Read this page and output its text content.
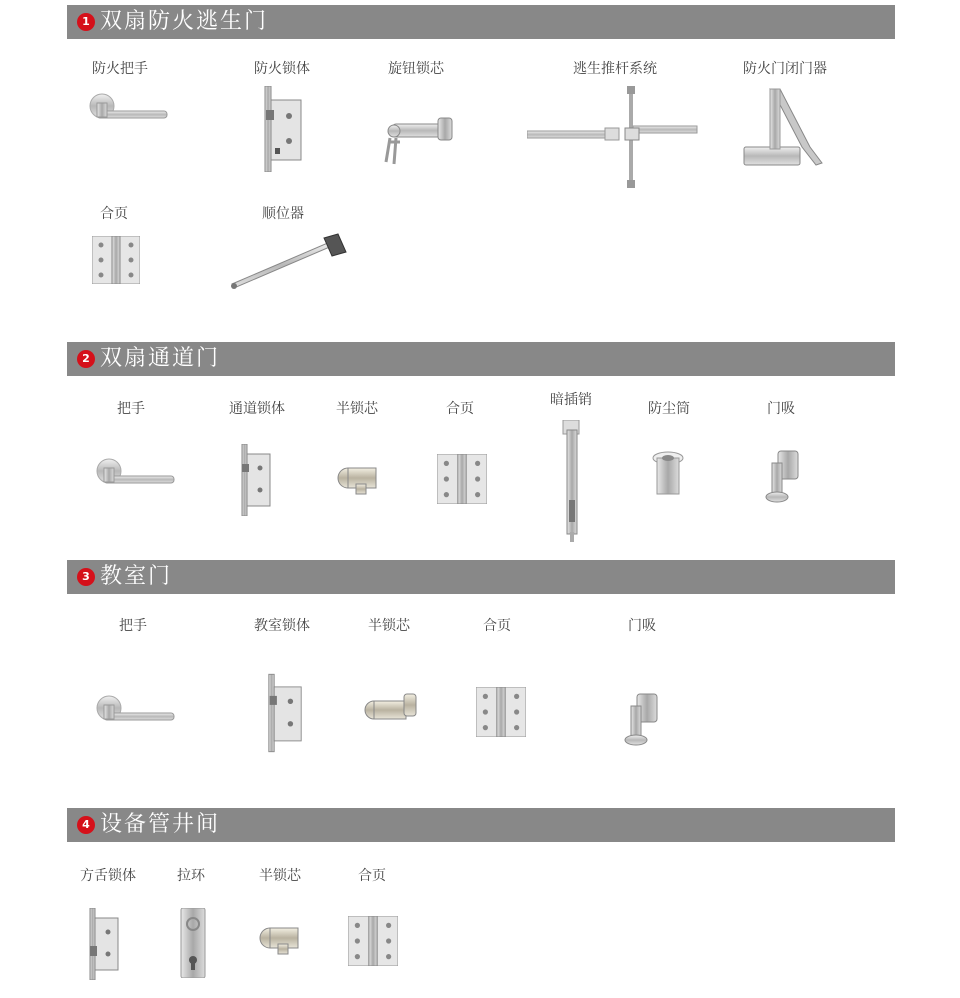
1 双扇防火逃生门
防火把手	防火锁体	旋钮锁芯	逃生推杆系统	防火门闭门器
合页	顺位器
2 双扇通道门
把手	通道锁体	半锁芯	合页
暗插销
防尘筒	门吸
3 教室门
把手	教室锁体	半锁芯	合页	门吸
4 设备管井间
方舌锁体	拉环	半锁芯	合页
